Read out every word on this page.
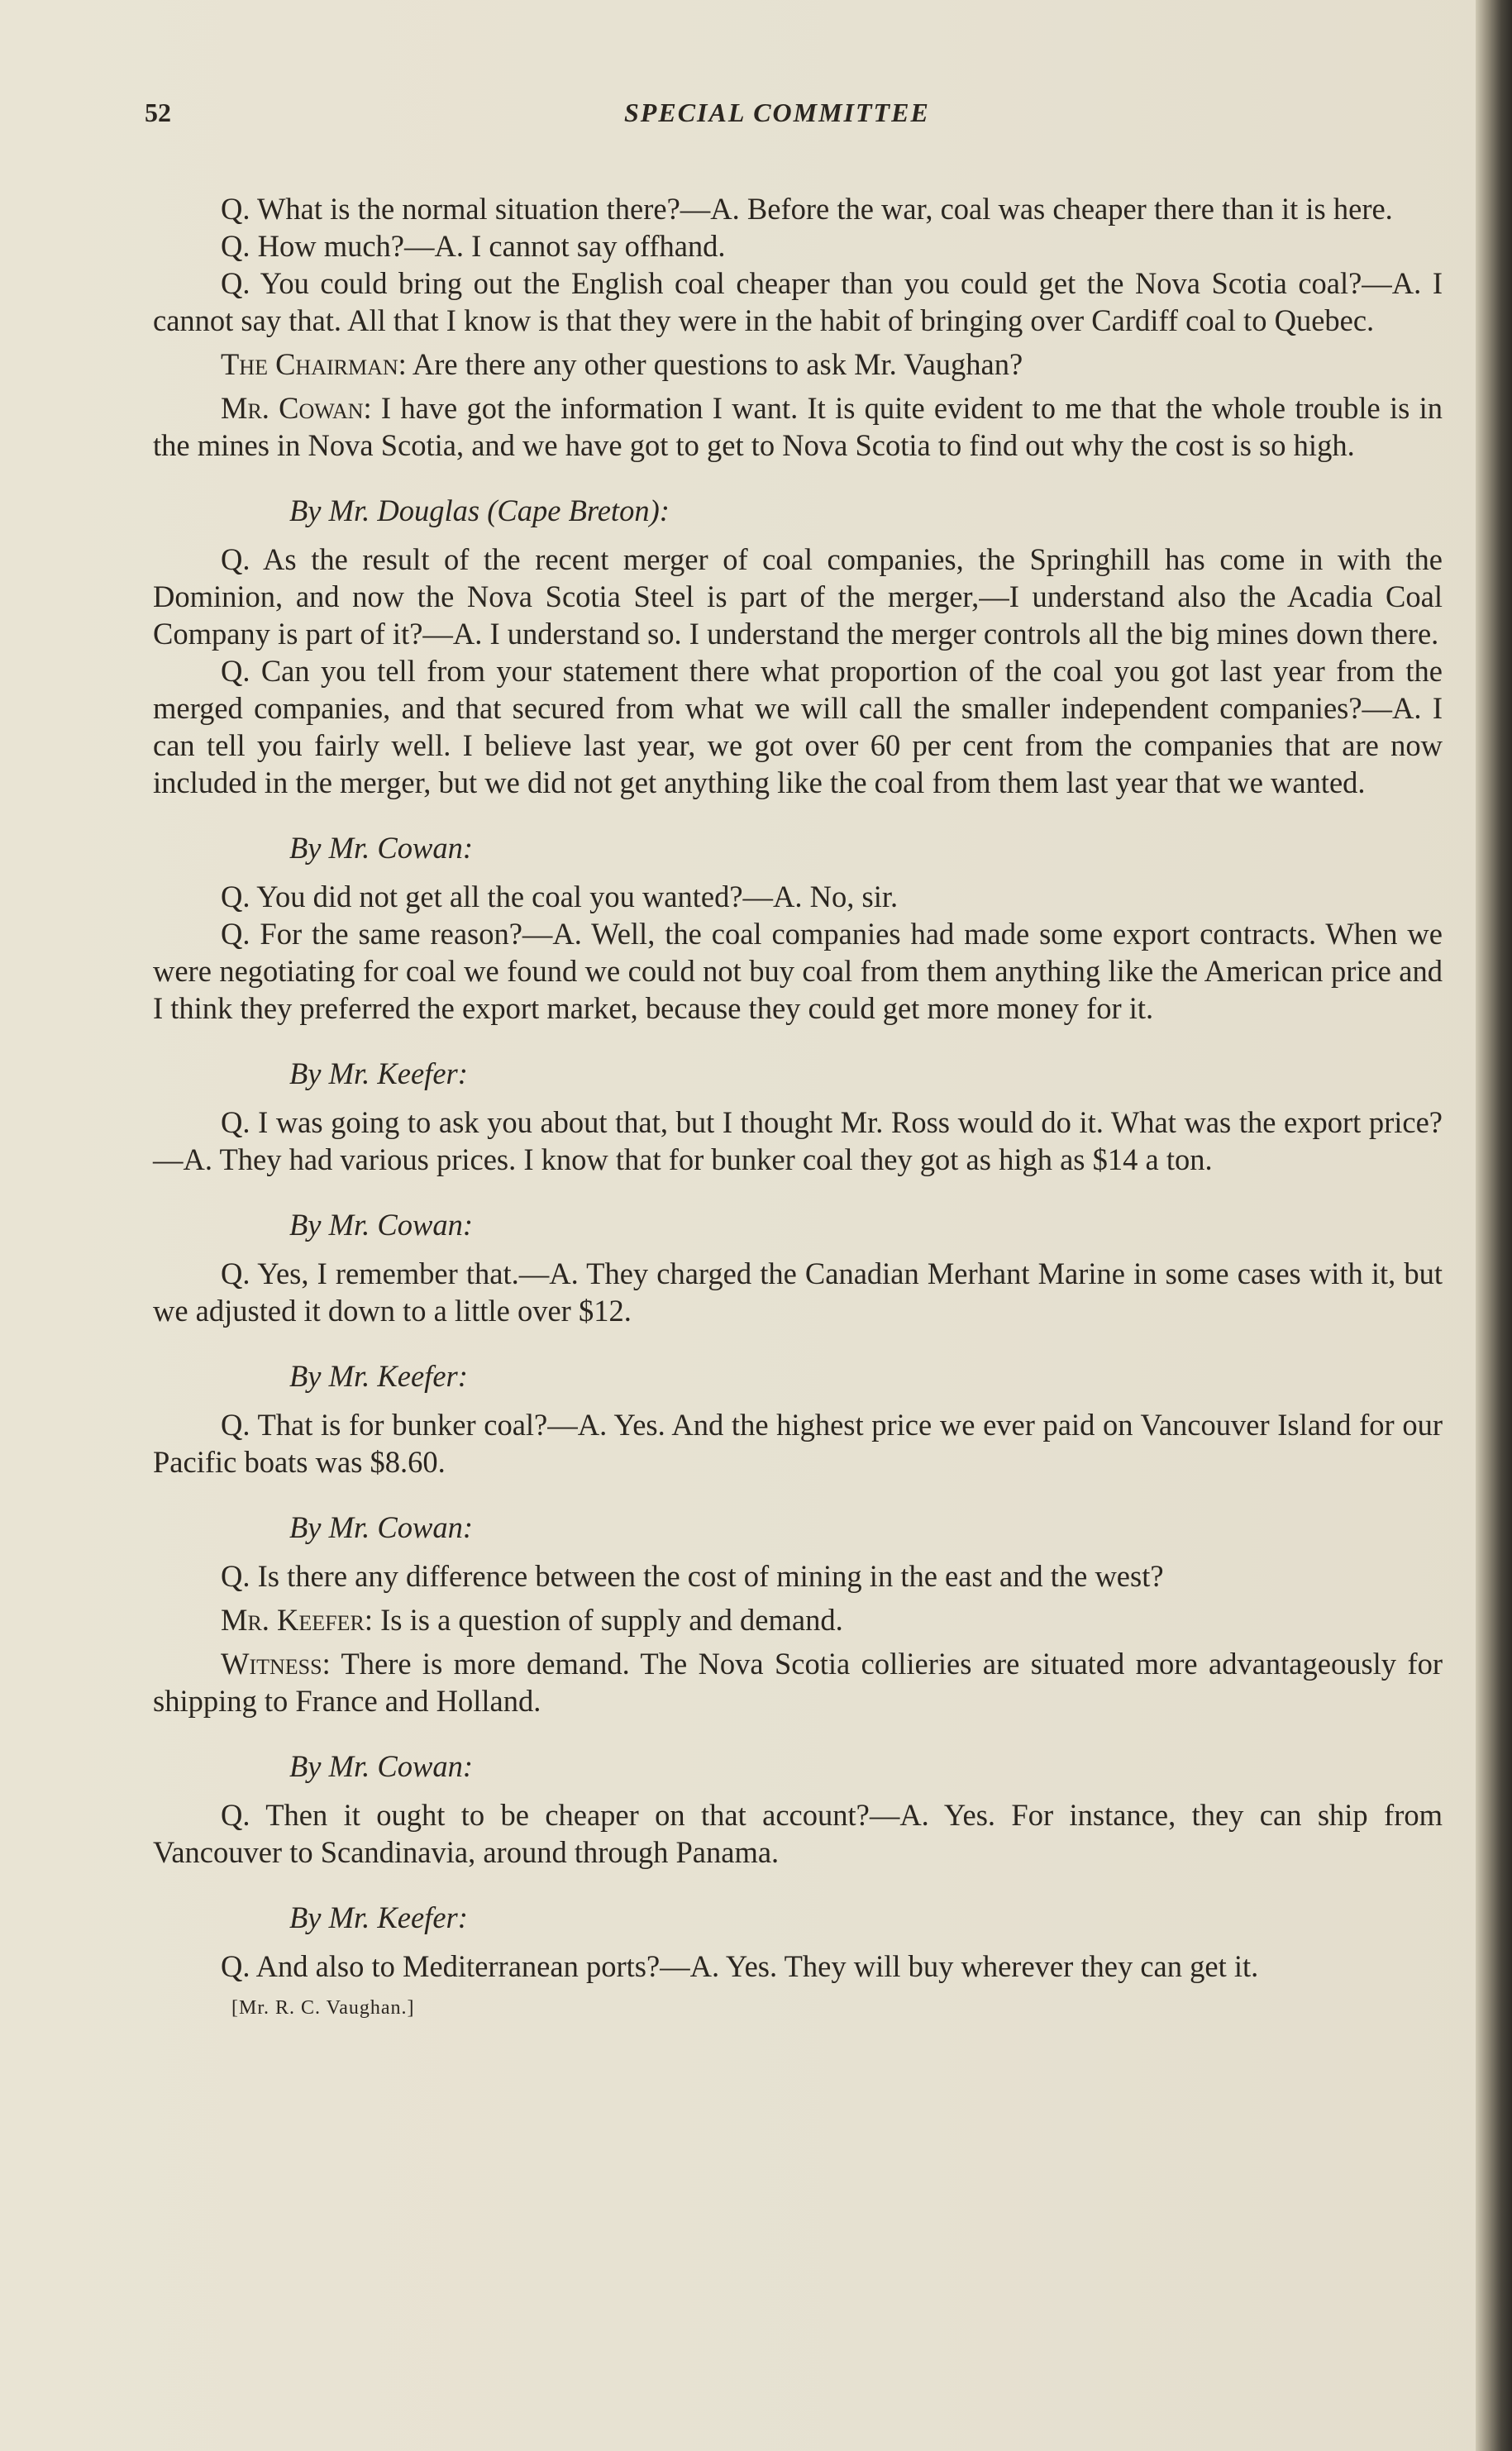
52	SPECIAL COMMITTEE

Q. What is the normal situation there?—A. Before the war, coal was cheaper there than it is here.

Q. How much?—A. I cannot say offhand.

Q. You could bring out the English coal cheaper than you could get the Nova Scotia coal?—A. I cannot say that. All that I know is that they were in the habit of bringing over Cardiff coal to Quebec.

The Chairman: Are there any other questions to ask Mr. Vaughan?

Mr. Cowan: I have got the information I want. It is quite evident to me that the whole trouble is in the mines in Nova Scotia, and we have got to get to Nova Scotia to find out why the cost is so high.

By Mr. Douglas (Cape Breton):

Q. As the result of the recent merger of coal companies, the Springhill has come in with the Dominion, and now the Nova Scotia Steel is part of the merger,—I understand also the Acadia Coal Company is part of it?—A. I understand so. I understand the merger controls all the big mines down there.

Q. Can you tell from your statement there what proportion of the coal you got last year from the merged companies, and that secured from what we will call the smaller independent companies?—A. I can tell you fairly well. I believe last year, we got over 60 per cent from the companies that are now included in the merger, but we did not get anything like the coal from them last year that we wanted.

By Mr. Cowan:

Q. You did not get all the coal you wanted?—A. No, sir.

Q. For the same reason?—A. Well, the coal companies had made some export contracts. When we were negotiating for coal we found we could not buy coal from them anything like the American price and I think they preferred the export market, because they could get more money for it.

By Mr. Keefer:

Q. I was going to ask you about that, but I thought Mr. Ross would do it. What was the export price?—A. They had various prices. I know that for bunker coal they got as high as $14 a ton.

By Mr. Cowan:

Q. Yes, I remember that.—A. They charged the Canadian Merhant Marine in some cases with it, but we adjusted it down to a little over $12.

By Mr. Keefer:

Q. That is for bunker coal?—A. Yes. And the highest price we ever paid on Vancouver Island for our Pacific boats was $8.60.

By Mr. Cowan:

Q. Is there any difference between the cost of mining in the east and the west?

Mr. Keefer: Is is a question of supply and demand.

Witness: There is more demand. The Nova Scotia collieries are situated more advantageously for shipping to France and Holland.

By Mr. Cowan:

Q. Then it ought to be cheaper on that account?—A. Yes. For instance, they can ship from Vancouver to Scandinavia, around through Panama.

By Mr. Keefer:

Q. And also to Mediterranean ports?—A. Yes. They will buy wherever they can get it.

[Mr. R. C. Vaughan.]
